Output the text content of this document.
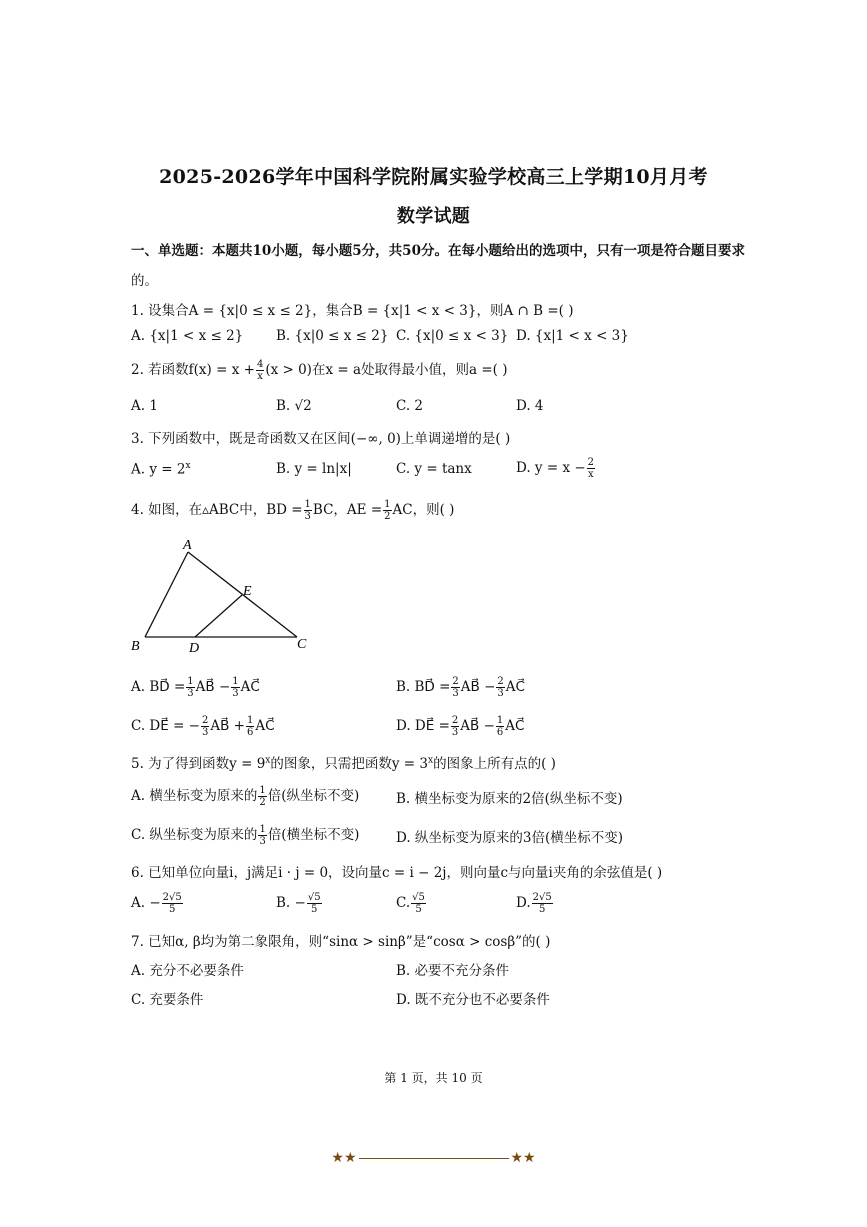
2025-2026学年中国科学院附属实验学校高三上学期10月月考
数学试题
一、单选题：本题共10小题，每小题5分，共50分。在每小题给出的选项中，只有一项是符合题目要求
的。
1. 设集合A = {x|0 ≤ x ≤ 2}，集合B = {x|1 < x < 3}，则A ∩ B =( )
A. {x|1 < x ≤ 2} B. {x|0 ≤ x ≤ 2} C. {x|0 ≤ x < 3} D. {x|1 < x < 3}
2. 若函数$f(x) = x + \frac{4}{x} (x > 0)$在x = a处取得最小值，则a =( )
A. 1	B. √2	C. 2	D. 4
3. 下列函数中，既是奇函数又在区间(−∞, 0)上单调递增的是( )
A. $y = 2^x$	B. y = ln|x|	C. y = tanx	D. $y = x - \frac{2}{x}$
4. 如图，在▵ABC中，BD = $\frac{1}{3}$ BC，AE = $\frac{1}{2}$ AC，则( )
A
B	C
D
E
A. BD⃗ = $\frac{1}{3}$ AB⃗ − $\frac{1}{3}$ AC⃗	B. BD⃗ = $\frac{2}{3}$ AB⃗ − $\frac{2}{3}$ AC⃗
C. DE⃗ = − $\frac{2}{3}$ AB⃗ + $\frac{1}{6}$ AC⃗	D. DE⃗ = $\frac{2}{3}$ AB⃗ − $\frac{1}{6}$ AC⃗
5. 为了得到函数$y = 9^x$的图象，只需把函数$y = 3^x$的图象上所有点的( )
A. 横坐标变为原来的 $\frac{1}{2}$ 倍(纵坐标不变)	B. 横坐标变为原来的2倍(纵坐标不变)
C. 纵坐标变为原来的 $\frac{1}{3}$ 倍(横坐标不变)	D. 纵坐标变为原来的3倍(横坐标不变)
6. 已知单位向量i，j满足i · j = 0，设向量c = i − 2j，则向量c与向量i夹角的余弦值是( )
A. − $\frac{2√5}{5}$	B. − $\frac{√5}{5}$	C. $\frac{√5}{5}$	D. $\frac{2√5}{5}$
7. 已知α, β均为第二象限角，则“sinα > sinβ”是“cosα > cosβ”的( )
A. 充分不必要条件	B. 必要不充分条件
C. 充要条件	D. 既不充分也不必要条件
第 1 页，共 10 页
★★	★★
